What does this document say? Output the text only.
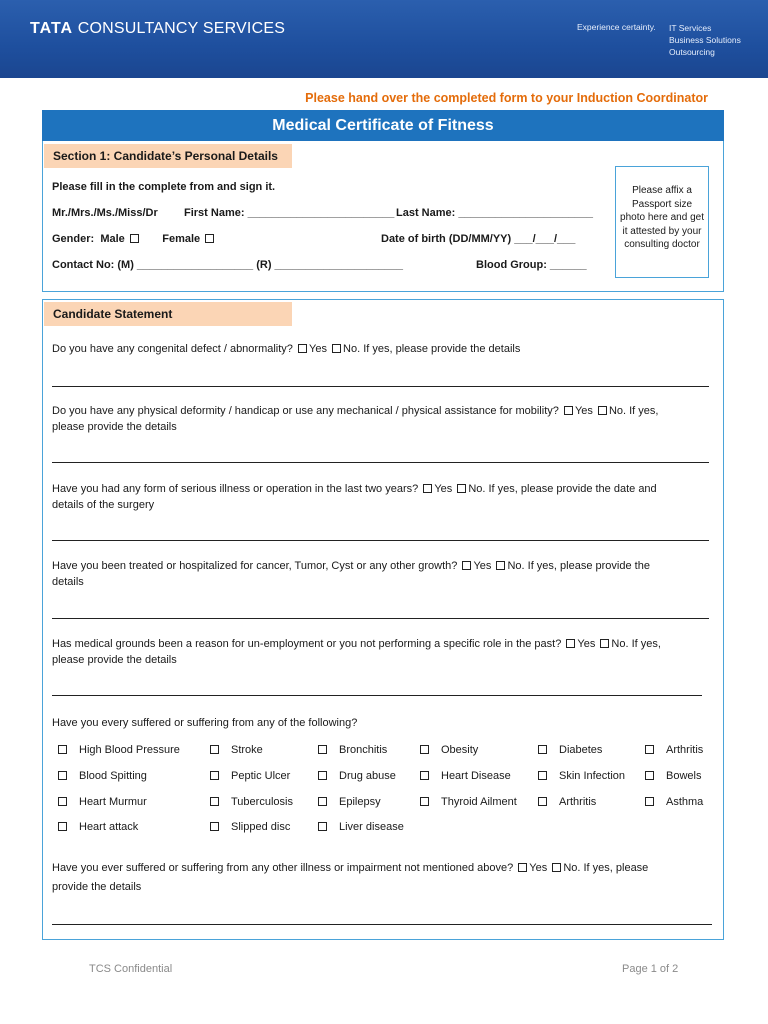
TATA CONSULTANCY SERVICES	Experience certainty. IT Services
Business Solutions
Outsourcing
Please hand over the completed form to your Induction Coordinator
Medical Certificate of Fitness
Section 1: Candidate’s Personal Details
Please fill in the complete from and sign it.
Mr./Mrs./Ms./Miss/Dr First Name: ________________________ Last Name: ______________________
Gender: Male	Female	Date of birth (DD/MM/YY) ___/___/___
Contact No: (M) ___________________ (R) _____________________	Blood Group: ______
Please affix a Passport size photo here and get it attested by your consulting doctor
Candidate Statement
Do you have any congenital defect / abnormality? Yes No. If yes, please provide the details
Do you have any physical deformity / handicap or use any mechanical / physical assistance for mobility? Yes No. If yes,
please provide the details
Have you had any form of serious illness or operation in the last two years? Yes No. If yes, please provide the date and
details of the surgery
Have you been treated or hospitalized for cancer, Tumor, Cyst or any other growth? Yes No. If yes, please provide the
details
Has medical grounds been a reason for un-employment or you not performing a specific role in the past? Yes No. If yes,
please provide the details
Have you every suffered or suffering from any of the following?
High Blood Pressure	Stroke	Bronchitis	Obesity	Diabetes	Arthritis
Blood Spitting	Peptic Ulcer	Drug abuse	Heart Disease	Skin Infection	Bowels
Heart Murmur	Tuberculosis	Epilepsy	Thyroid Ailment	Arthritis	Asthma
Heart attack	Slipped disc	Liver disease
Have you ever suffered or suffering from any other illness or impairment not mentioned above? Yes No. If yes, please
provide the details
TCS Confidential	Page 1 of 2
